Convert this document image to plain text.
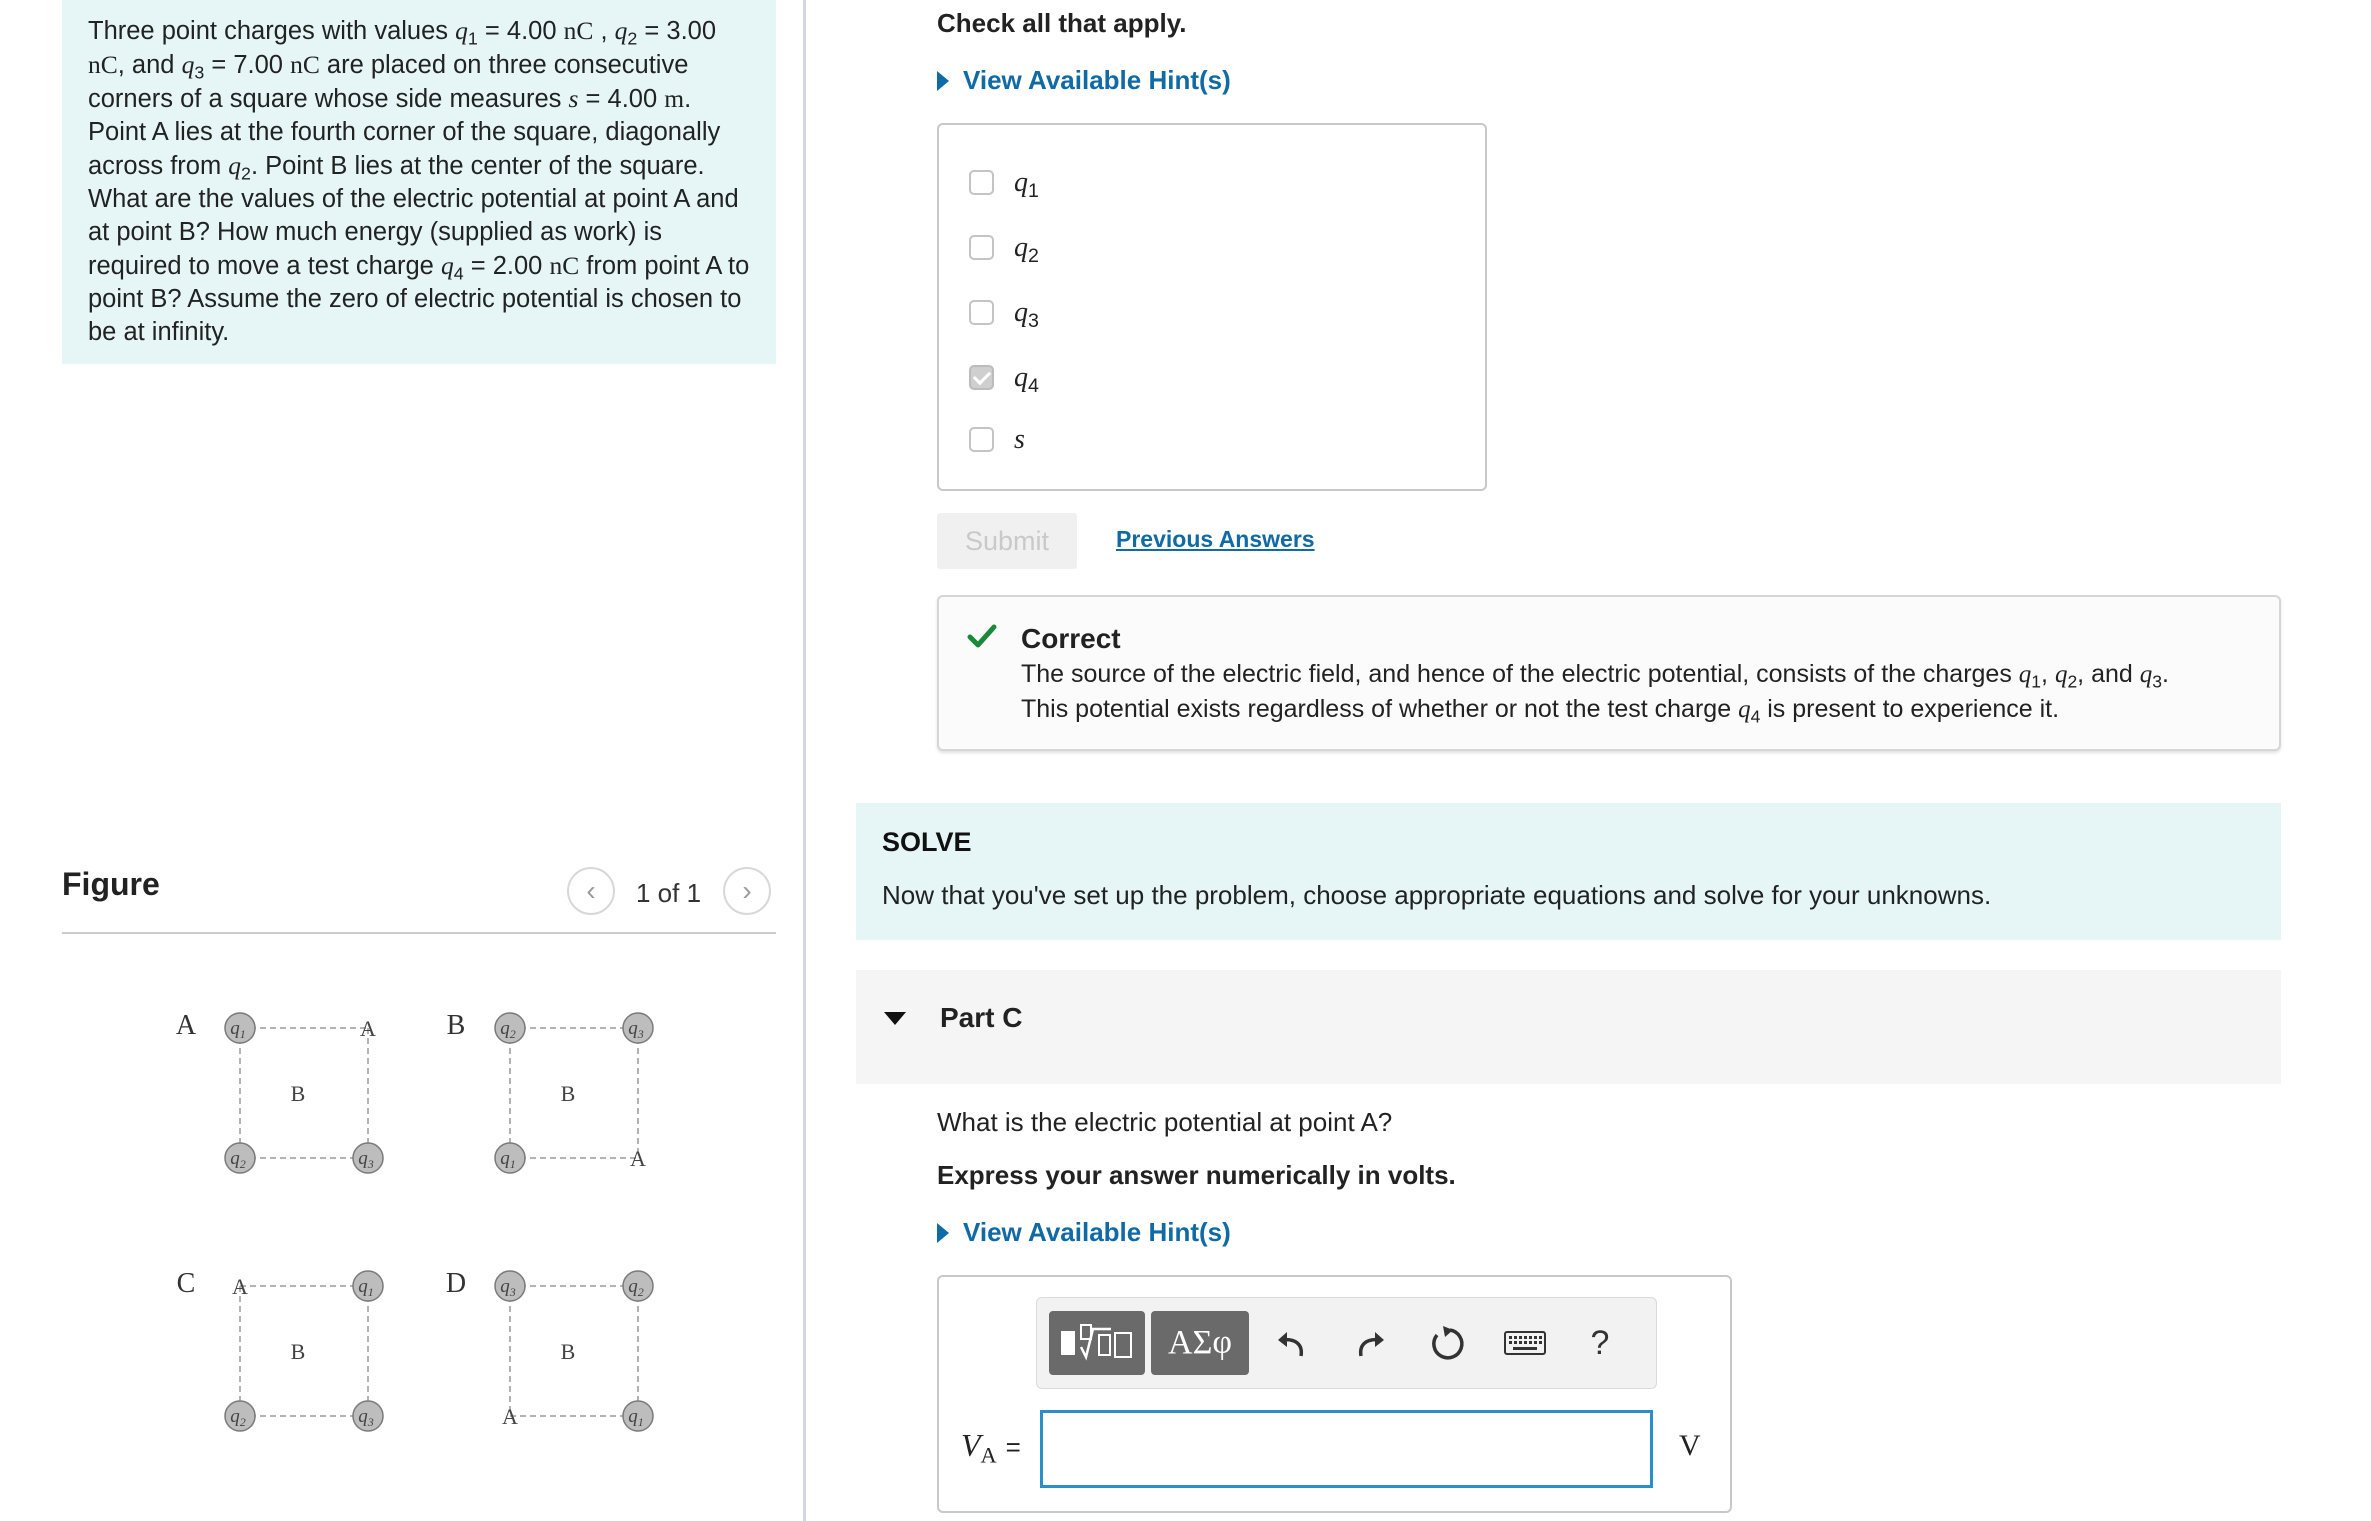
Three point charges with values $q_1 = 4.00$ nC , $q_2 = 3.00$ nC, and $q_3 = 7.00$ nC are placed on three consecutive corners of a square whose side measures s = 4.00 m. Point A lies at the fourth corner of the square, diagonally across from $q_2$. Point B lies at the center of the square. What are the values of the electric potential at point A and at point B? How much energy (supplied as work) is required to move a test charge $q_4 = 2.00$ nC from point A to point B? Assume the zero of electric potential is chosen to be at infinity.
Figure	‹ 1 of 1 ›
A
B
$q_1$	A
$q_2$	$q_3$
B
B
$q_2$	$q_3$
$q_1$	A
C
B
A	$q_1$
$q_2$	$q_3$
D
B
$q_3$	$q_2$
A	$q_1$
Check all that apply.
View Available Hint(s)
$q_1$
$q_2$
$q_3$
$q_4$
s
Submit	Previous Answers
Correct
The source of the electric field, and hence of the electric potential, consists of the charges $q_1$, $q_2$, and $q_3$.
This potential exists regardless of whether or not the test charge $q_4$ is present to experience it.
SOLVE
Now that you've set up the problem, choose appropriate equations and solve for your unknowns.
Part C
What is the electric potential at point A?
Express your answer numerically in volts.
View Available Hint(s)
ΑΣφ	?
$V_A$ =	V
